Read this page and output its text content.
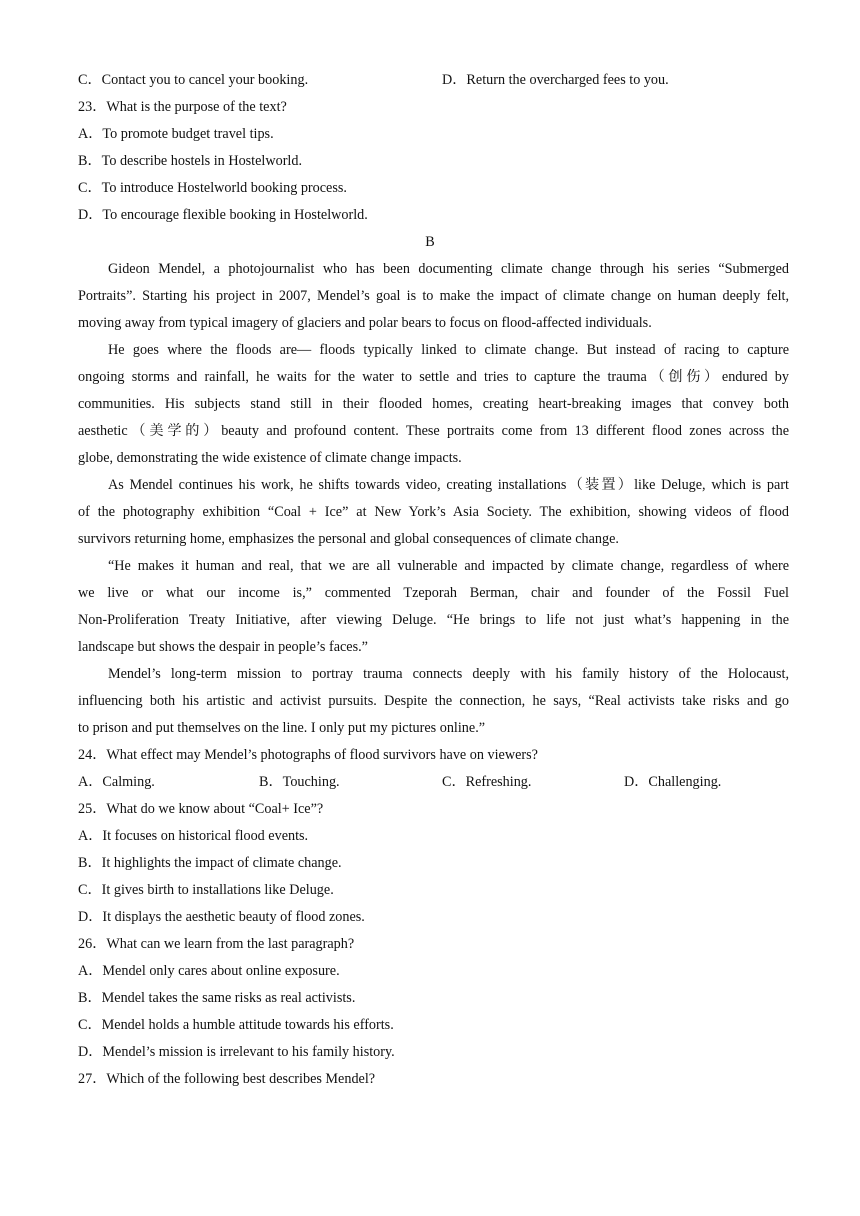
C．Contact you to cancel your booking.	D．Return the overcharged fees to you.
23．What is the purpose of the text?
A．To promote budget travel tips.
B．To describe hostels in Hostelworld.
C．To introduce Hostelworld booking process.
D．To encourage flexible booking in Hostelworld.
B
Gideon Mendel, a photojournalist who has been documenting climate change through his series “Submerged
Portraits”. Starting his project in 2007, Mendel’s goal is to make the impact of climate change on human deeply felt,
moving away from typical imagery of glaciers and polar bears to focus on flood-affected individuals.
He goes where the floods are— floods typically linked to climate change. But instead of racing to capture
ongoing storms and rainfall, he waits for the water to settle and tries to capture the trauma（创伤）endured by
communities. His subjects stand still in their flooded homes, creating heart-breaking images that convey both
aesthetic（美学的）beauty and profound content. These portraits come from 13 different flood zones across the
globe, demonstrating the wide existence of climate change impacts.
As Mendel continues his work, he shifts towards video, creating installations（装置）like Deluge, which is part
of the photography exhibition “Coal + Ice” at New York’s Asia Society. The exhibition, showing videos of flood
survivors returning home, emphasizes the personal and global consequences of climate change.
“He makes it human and real, that we are all vulnerable and impacted by climate change, regardless of where
we live or what our income is,” commented Tzeporah Berman, chair and founder of the Fossil Fuel
Non-Proliferation Treaty Initiative, after viewing Deluge. “He brings to life not just what’s happening in the
landscape but shows the despair in people’s faces.”
Mendel’s long-term mission to portray trauma connects deeply with his family history of the Holocaust,
influencing both his artistic and activist pursuits. Despite the connection, he says, “Real activists take risks and go
to prison and put themselves on the line. I only put my pictures online.”
24．What effect may Mendel’s photographs of flood survivors have on viewers?
A．Calming.	B．Touching.	C．Refreshing.	D．Challenging.
25．What do we know about “Coal+ Ice”?
A．It focuses on historical flood events.
B．It highlights the impact of climate change.
C．It gives birth to installations like Deluge.
D．It displays the aesthetic beauty of flood zones.
26．What can we learn from the last paragraph?
A．Mendel only cares about online exposure.
B．Mendel takes the same risks as real activists.
C．Mendel holds a humble attitude towards his efforts.
D．Mendel’s mission is irrelevant to his family history.
27．Which of the following best describes Mendel?
